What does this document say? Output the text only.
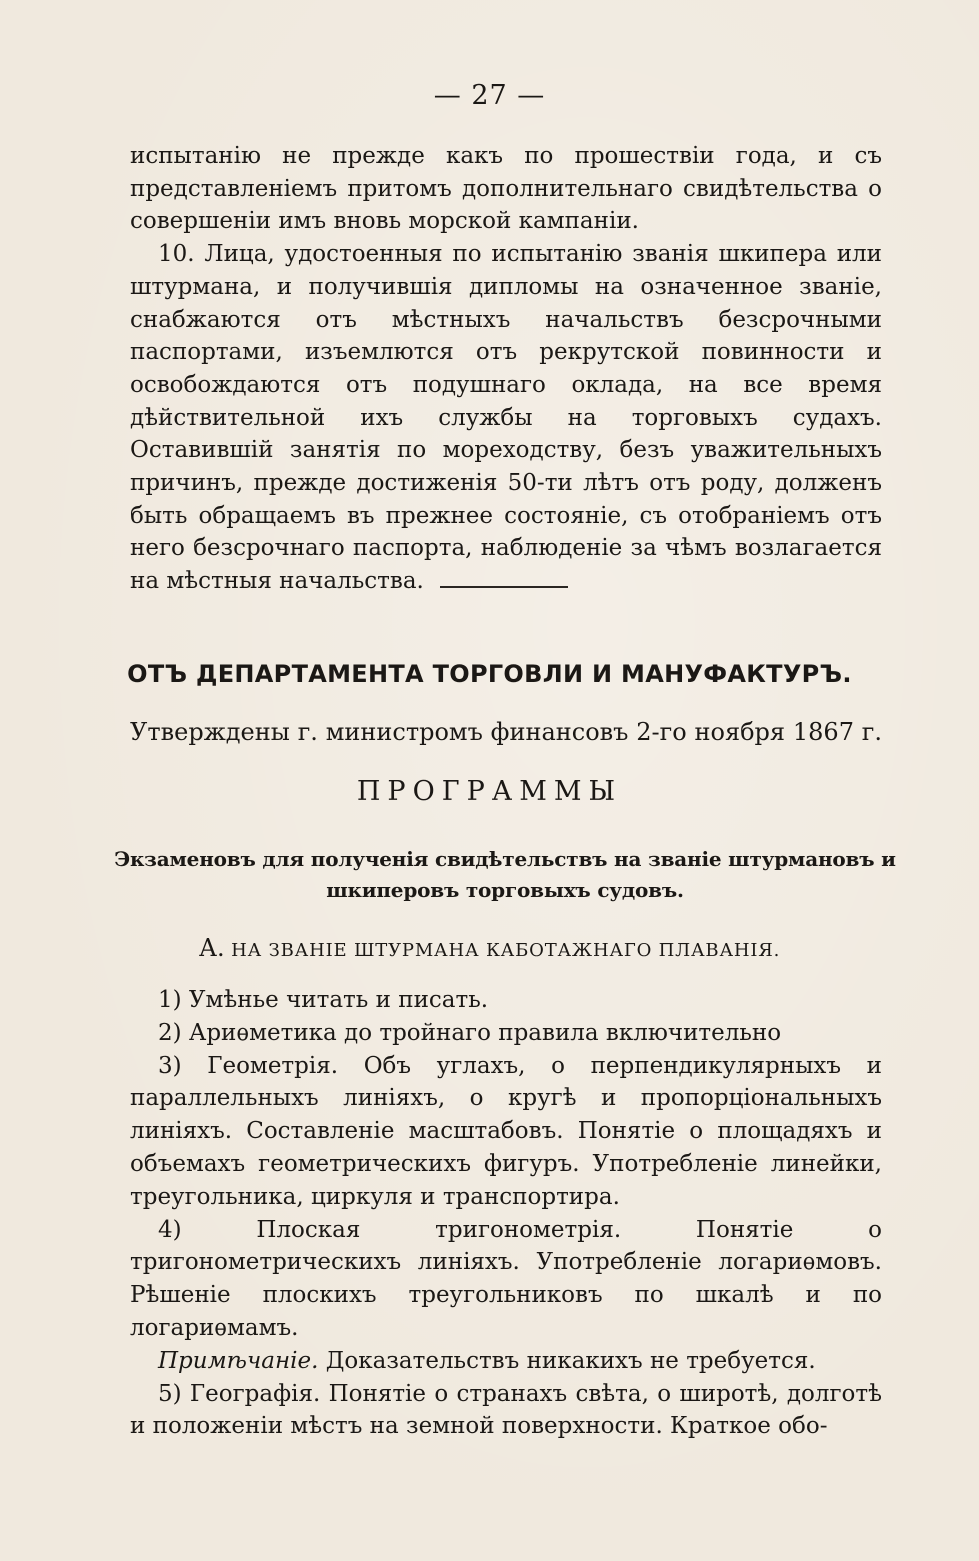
— 27 —

испытанію не прежде какъ по прошествіи года, и съ представленіемъ притомъ дополнительнаго свидѣтельства о совершеніи имъ вновь морской кампаніи.

10. Лица, удостоенныя по испытанію званія шкипера или штурмана, и получившія дипломы на означенное званіе, снабжаются отъ мѣстныхъ начальствъ безсрочными паспортами, изъемлются отъ рекрутской повинности и освобождаются отъ подушнаго оклада, на все время дѣйствительной ихъ службы на торговыхъ судахъ. Оставившій занятія по мореходству, безъ уважительныхъ причинъ, прежде достиженія 50-ти лѣтъ отъ роду, долженъ быть обращаемъ въ прежнее состояніе, съ отобраніемъ отъ него безсрочнаго паспорта, наблюденіе за чѣмъ возлагается на мѣстныя начальства.

ОТЪ ДЕПАРТАМЕНТА ТОРГОВЛИ И МАНУФАКТУРЪ.
Утверждены г. министромъ финансовъ 2-го ноября 1867 г.
ПРОГРАММЫ
Экзаменовъ для полученія свидѣтельствъ на званіе штурмановъ и
шкиперовъ торговыхъ судовъ.
А. НА ЗВАНІЕ ШТУРМАНА КАБОТАЖНАГО ПЛАВАНІЯ.

1) Умѣнье читать и писать.

2) Ариѳметика до тройнаго правила включительно

3) Геометрія. Объ углахъ, о перпендикулярныхъ и параллельныхъ линіяхъ, о кругѣ и пропорціональныхъ линіяхъ. Составленіе масштабовъ. Понятіе о площадяхъ и объемахъ геометрическихъ фигуръ. Употребленіе линейки, треугольника, циркуля и транспортира.

4) Плоская тригонометрія. Понятіе о тригонометрическихъ линіяхъ. Употребленіе логариѳмовъ. Рѣшеніе плоскихъ треугольниковъ по шкалѣ и по логариѳмамъ.

Примѣчаніе. Доказательствъ никакихъ не требуется.

5) Географія. Понятіе о странахъ свѣта, о широтѣ, долготѣ и положеніи мѣстъ на земной поверхности. Краткое обо-
